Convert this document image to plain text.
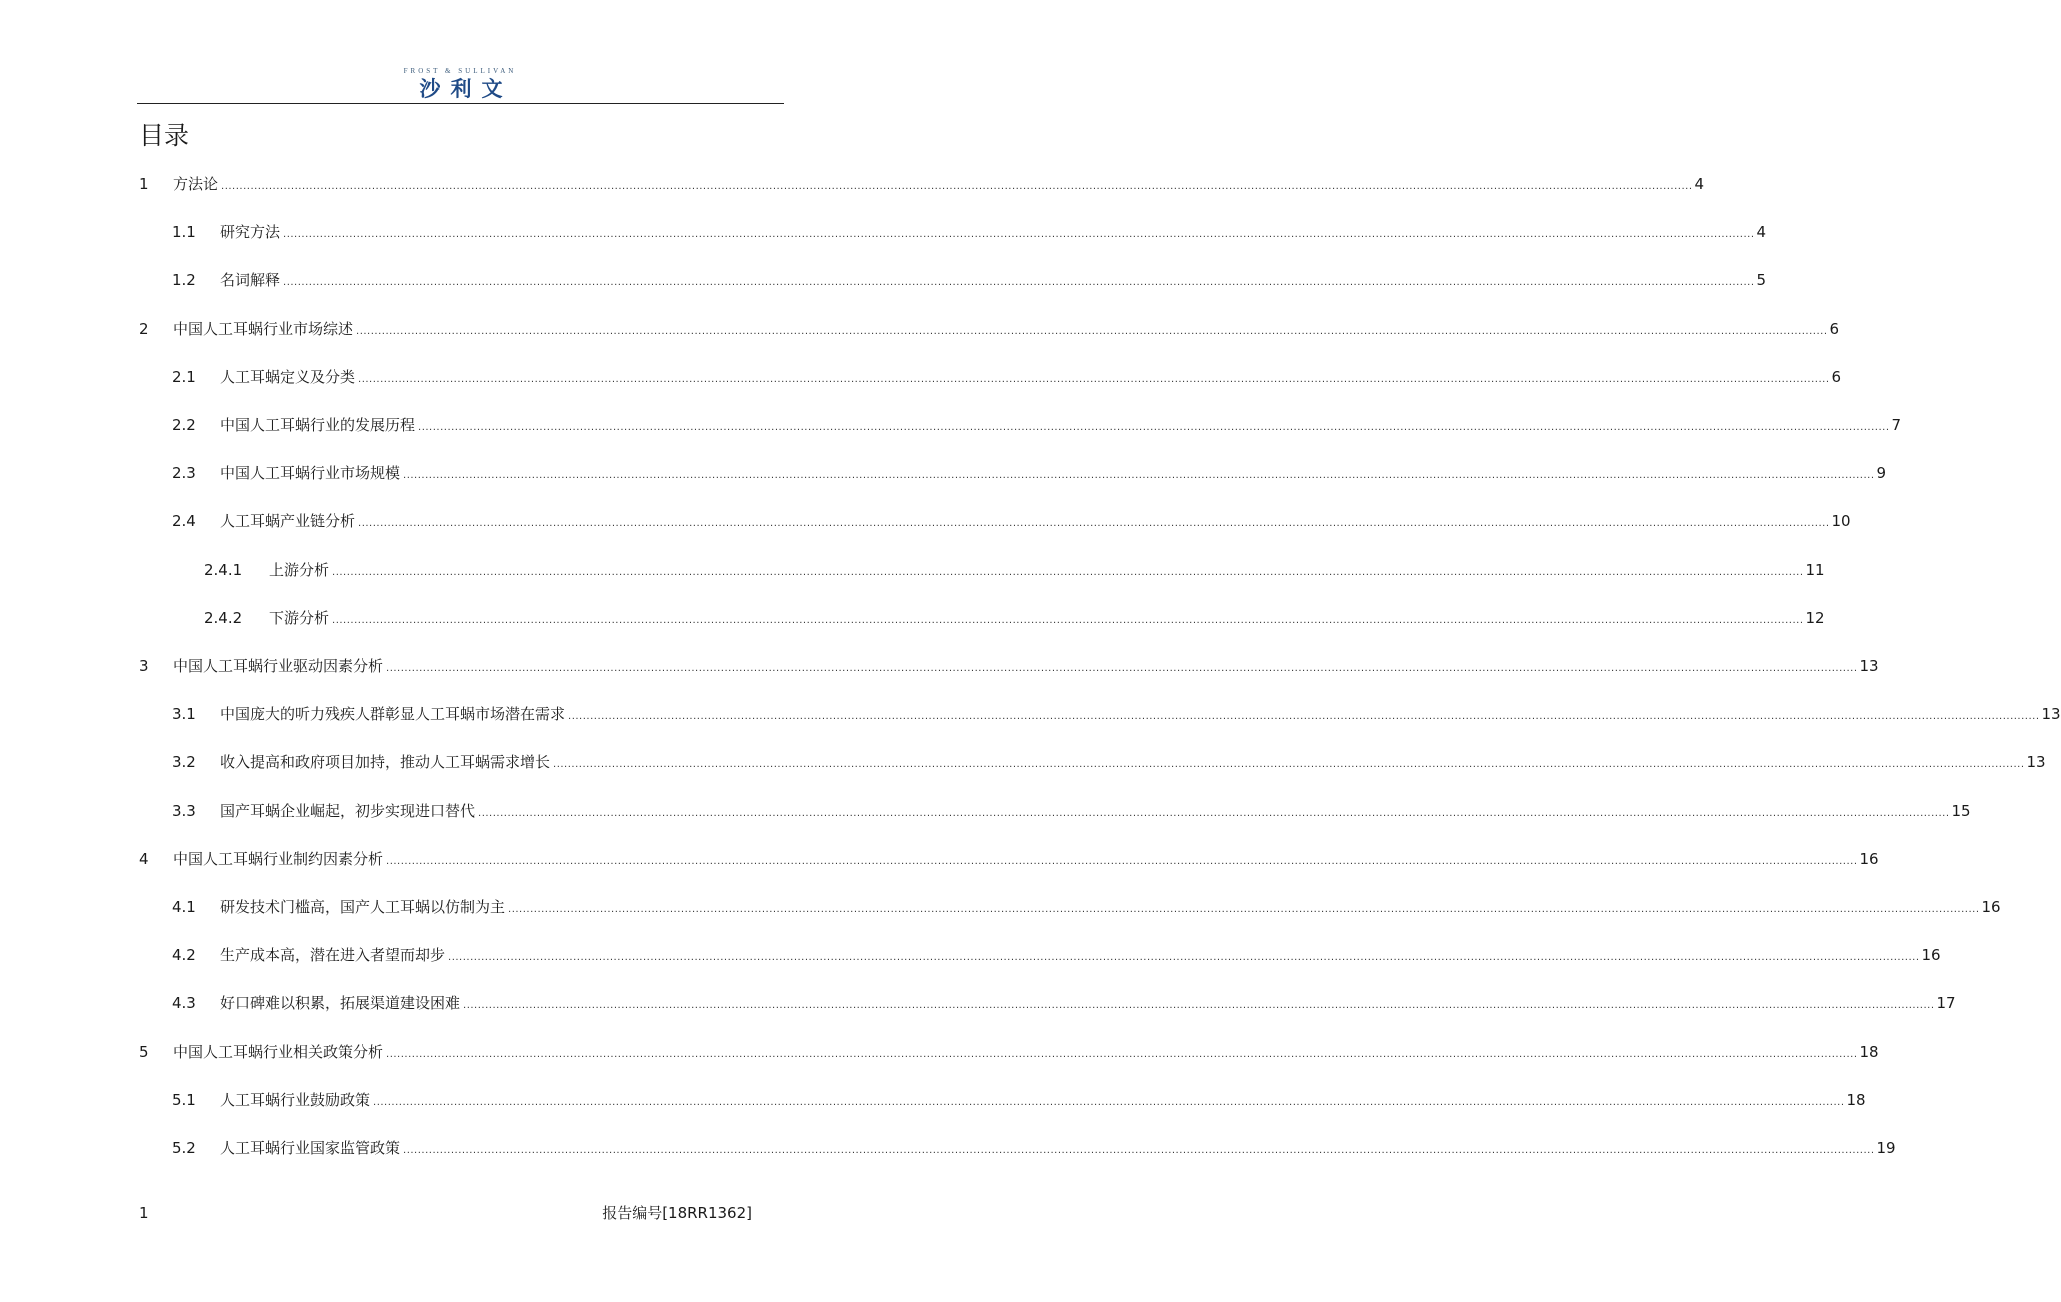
FROST & SULLIVAN
沙利文
目录
1	方法论 ................................................................................................................................................................................................................................................................................................................................................................................................................ 4
1.1	研究方法 ................................................................................................................................................................................................................................................................................................................................................................................................................ 4
1.2	名词解释 ................................................................................................................................................................................................................................................................................................................................................................................................................ 5
2	中国人工耳蜗行业市场综述 ................................................................................................................................................................................................................................................................................................................................................................................................................ 6
2.1	人工耳蜗定义及分类 ................................................................................................................................................................................................................................................................................................................................................................................................................ 6
2.2	中国人工耳蜗行业的发展历程 ................................................................................................................................................................................................................................................................................................................................................................................................................ 7
2.3	中国人工耳蜗行业市场规模 ................................................................................................................................................................................................................................................................................................................................................................................................................ 9
2.4	人工耳蜗产业链分析 ................................................................................................................................................................................................................................................................................................................................................................................................................ 10
2.4.1	上游分析 ................................................................................................................................................................................................................................................................................................................................................................................................................ 11
2.4.2	下游分析 ................................................................................................................................................................................................................................................................................................................................................................................................................ 12
3	中国人工耳蜗行业驱动因素分析 ................................................................................................................................................................................................................................................................................................................................................................................................................ 13
3.1	中国庞大的听力残疾人群彰显人工耳蜗市场潜在需求 ................................................................................................................................................................................................................................................................................................................................................................................................................ 13
3.2	收入提高和政府项目加持，推动人工耳蜗需求增长 ................................................................................................................................................................................................................................................................................................................................................................................................................ 13
3.3	国产耳蜗企业崛起，初步实现进口替代 ................................................................................................................................................................................................................................................................................................................................................................................................................ 15
4	中国人工耳蜗行业制约因素分析 ................................................................................................................................................................................................................................................................................................................................................................................................................ 16
4.1	研发技术门槛高，国产人工耳蜗以仿制为主 ................................................................................................................................................................................................................................................................................................................................................................................................................ 16
4.2	生产成本高，潜在进入者望而却步 ................................................................................................................................................................................................................................................................................................................................................................................................................ 16
4.3	好口碑难以积累，拓展渠道建设困难 ................................................................................................................................................................................................................................................................................................................................................................................................................ 17
5	中国人工耳蜗行业相关政策分析 ................................................................................................................................................................................................................................................................................................................................................................................................................ 18
5.1	人工耳蜗行业鼓励政策 ................................................................................................................................................................................................................................................................................................................................................................................................................ 18
5.2	人工耳蜗行业国家监管政策 ................................................................................................................................................................................................................................................................................................................................................................................................................ 19
1	报告编号[18RR1362]
